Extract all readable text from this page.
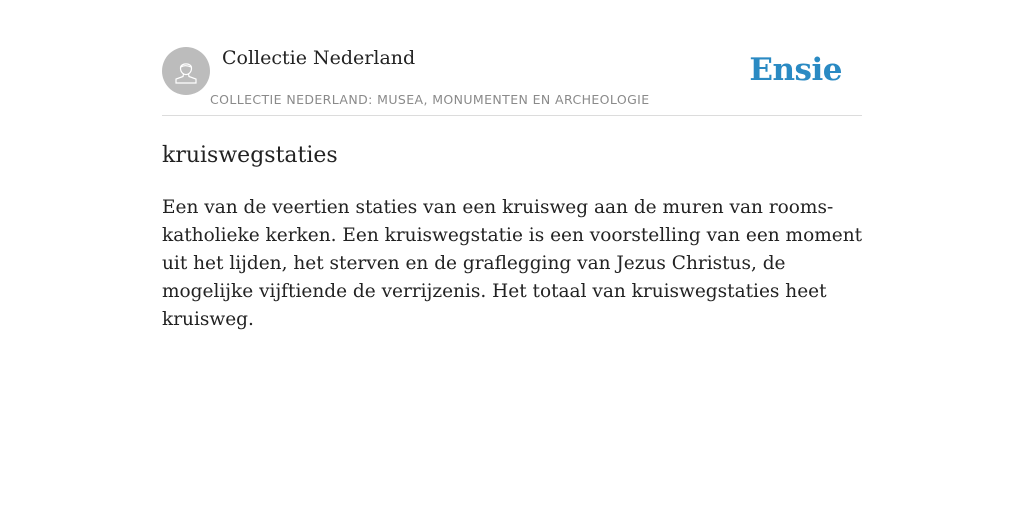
Collectie Nederland
COLLECTIE NEDERLAND: MUSEA, MONUMENTEN EN ARCHEOLOGIE
Ensie
kruiswegstaties

Een van de veertien staties van een kruisweg aan de muren van rooms-katholieke kerken. Een kruiswegstatie is een voorstelling van een moment uit het lijden, het sterven en de graflegging van Jezus Christus, de mogelijke vijftiende de verrijzenis. Het totaal van kruiswegstaties heet kruisweg.
